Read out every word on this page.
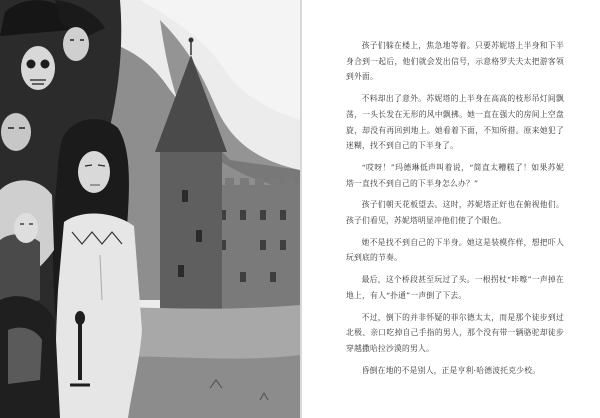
孩子们躲在楼上，焦急地等着。只要苏妮塔上半身和下半身合到一起后，他们就会发出信号，示意格罗夫夫太把游客领到外面。

不料却出了意外。苏妮塔的上半身在高高的枝形吊灯间飘荡，一头长发在无形的风中飘拂。她一直在强大的房间上空盘旋，却没有再回到地上。她看着下面，不知所措。原来她犯了迷糊，找不到自己的下半身了。

“哎呀！”玛德琳低声叫着说，“简直太糟糕了！如果苏妮塔一直找不到自己的下半身怎么办？”

孩子们朝天花板望去。这时，苏妮塔正好也在俯视他们。孩子们看见，苏妮塔明显冲他们使了个眼色。

她不是找不到自己的下半身。她这是装模作样，想把吓人玩到底的节奏。

最后，这个桥段甚至玩过了头。一根拐杖“咔嚓”一声掉在地上，有人“扑通”一声倒了下去。

不过，倒下的并非怀疑的菲尔德太太，而是那个徒步到过北极、亲口吃掉自己手指的男人，那个没有带一辆骆驼却徒步穿越撒哈拉沙漠的男人。

昏倒在地的不是别人，正是亨利·哈德波托克少校。
